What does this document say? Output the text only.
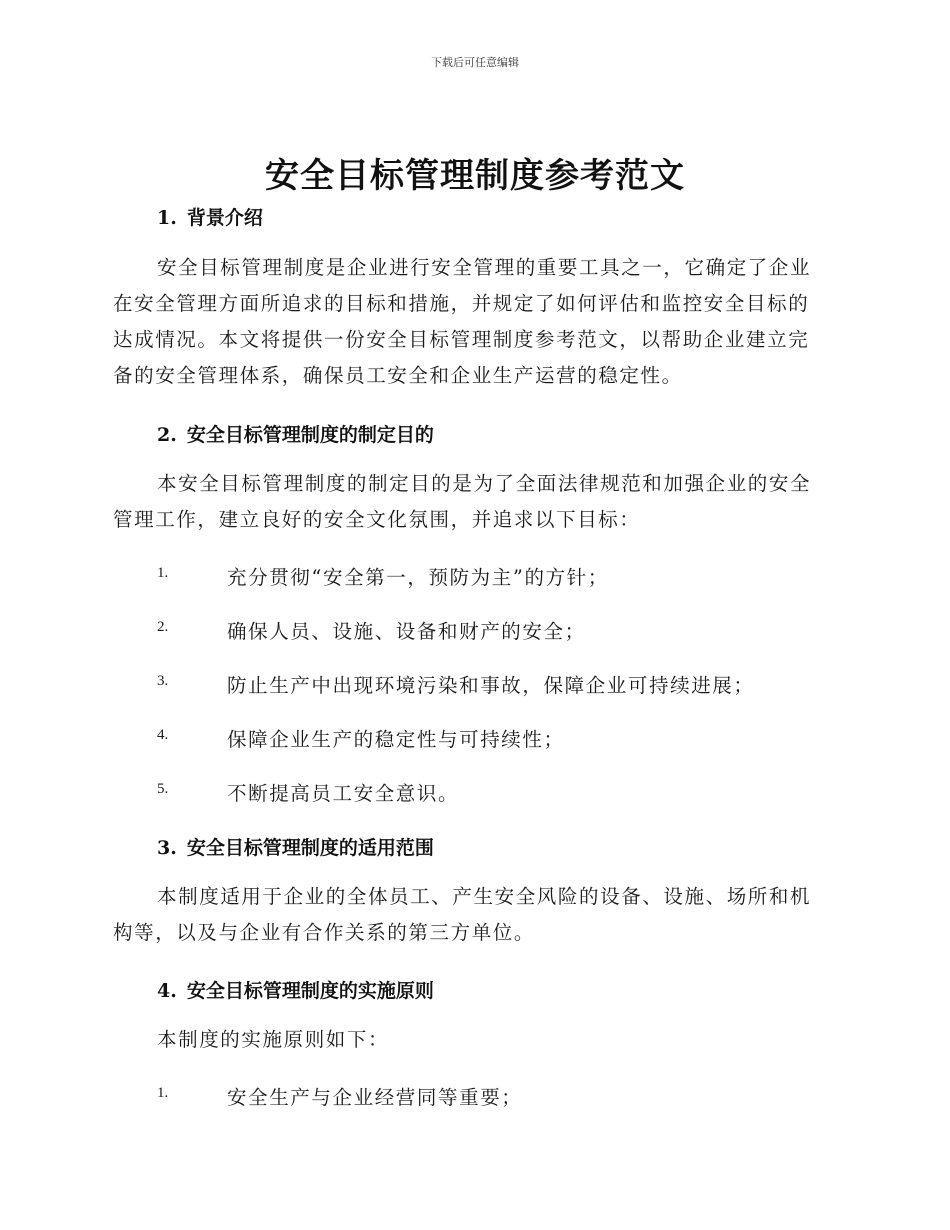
下载后可任意编辑
安全目标管理制度参考范文
1. 背景介绍
安全目标管理制度是企业进行安全管理的重要工具之一，它确定了企业
在安全管理方面所追求的目标和措施，并规定了如何评估和监控安全目标的
达成情况。本文将提供一份安全目标管理制度参考范文，以帮助企业建立完
备的安全管理体系，确保员工安全和企业生产运营的稳定性。
2. 安全目标管理制度的制定目的
本安全目标管理制度的制定目的是为了全面法律规范和加强企业的安全
管理工作，建立良好的安全文化氛围，并追求以下目标：
1.	充分贯彻“安全第一，预防为主”的方针；
2.	确保人员、设施、设备和财产的安全；
3.	防止生产中出现环境污染和事故，保障企业可持续进展；
4.	保障企业生产的稳定性与可持续性；
5.	不断提高员工安全意识。
3. 安全目标管理制度的适用范围
本制度适用于企业的全体员工、产生安全风险的设备、设施、场所和机
构等，以及与企业有合作关系的第三方单位。
4. 安全目标管理制度的实施原则
本制度的实施原则如下：
1.	安全生产与企业经营同等重要；
